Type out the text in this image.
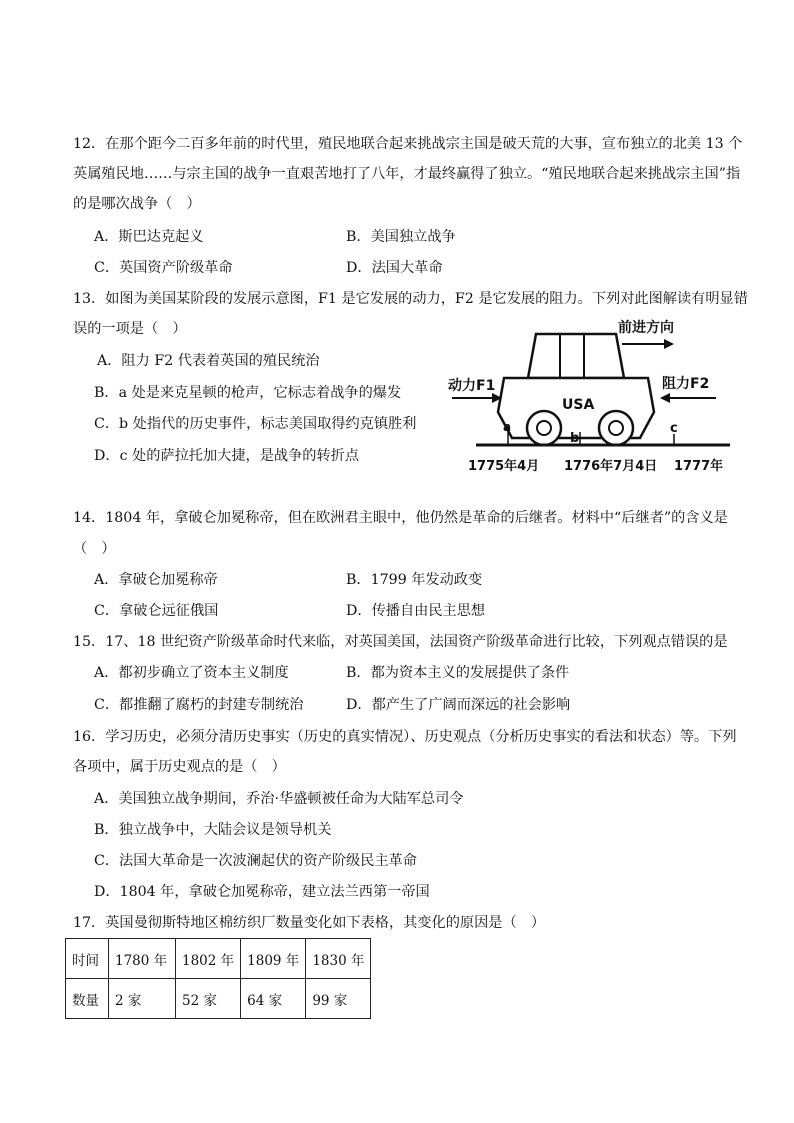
12．在那个距今二百多年前的时代里，殖民地联合起来挑战宗主国是破天荒的大事，宣布独立的北美 13 个
英属殖民地……与宗主国的战争一直艰苦地打了八年，才最终赢得了独立。“殖民地联合起来挑战宗主国”指
的是哪次战争（　）
A．斯巴达克起义	B．美国独立战争
C．英国资产阶级革命	D．法国大革命
13．如图为美国某阶段的发展示意图，F1 是它发展的动力，F2 是它发展的阻力。下列对此图解读有明显错
误的一项是（　）
A．阻力 F2 代表着英国的殖民统治
B．a 处是来克星顿的枪声，它标志着战争的爆发
C．b 处指代的历史事件，标志美国取得约克镇胜利
D．c 处的萨拉托加大捷，是战争的转折点
前进方向
USA
动力F1	阻力F2
a
b
c
1775年4月 1776年7月4日 1777年
14．1804 年，拿破仑加冕称帝，但在欧洲君主眼中，他仍然是革命的后继者。材料中“后继者”的含义是
（　）
A．拿破仑加冕称帝	B．1799 年发动政变
C．拿破仑远征俄国	D．传播自由民主思想
15．17、18 世纪资产阶级革命时代来临，对英国美国，法国资产阶级革命进行比较，下列观点错误的是
A．都初步确立了资本主义制度	B．都为资本主义的发展提供了条件
C．都推翻了腐朽的封建专制统治	D．都产生了广阔而深远的社会影响
16．学习历史，必须分清历史事实（历史的真实情况）、历史观点（分析历史事实的看法和状态）等。下列
各项中，属于历史观点的是（　）
A．美国独立战争期间，乔治·华盛顿被任命为大陆军总司令
B．独立战争中，大陆会议是领导机关
C．法国大革命是一次波澜起伏的资产阶级民主革命
D．1804 年，拿破仑加冕称帝，建立法兰西第一帝国
17．英国曼彻斯特地区棉纺织厂数量变化如下表格，其变化的原因是（　）
时间	1780 年	1802 年	1809 年	1830 年
数量	2 家	52 家	64 家	99 家
